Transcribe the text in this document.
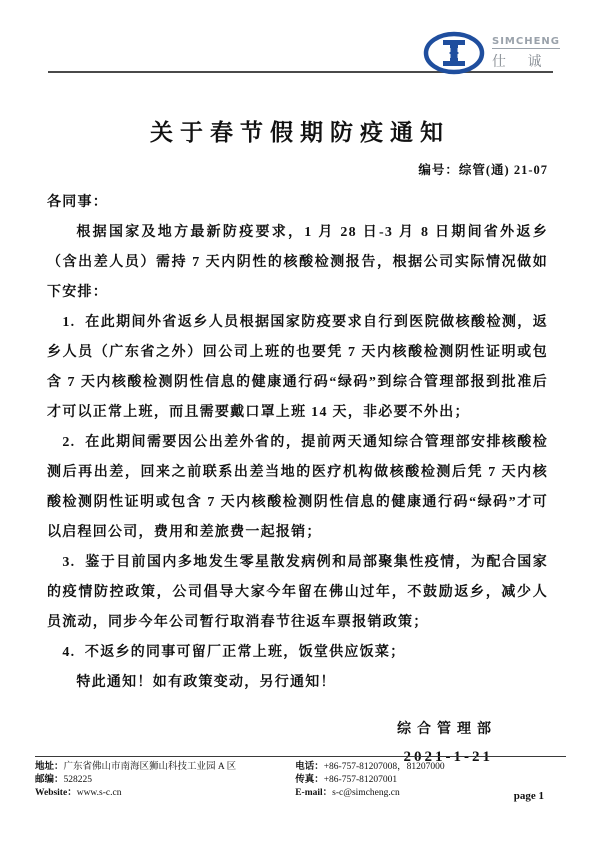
SIMCHENG
仕 诚
关于春节假期防疫通知
编号：综管(通) 21-07

各同事：

根据国家及地方最新防疫要求，1 月 28 日-3 月 8 日期间省外返乡（含出差人员）需持 7 天内阴性的核酸检测报告，根据公司实际情况做如下安排：

1.  在此期间外省返乡人员根据国家防疫要求自行到医院做核酸检测，返乡人员（广东省之外）回公司上班的也要凭 7 天内核酸检测阴性证明或包含 7 天内核酸检测阴性信息的健康通行码“绿码”到综合管理部报到批准后才可以正常上班，而且需要戴口罩上班 14 天，非必要不外出；

2.  在此期间需要因公出差外省的，提前两天通知综合管理部安排核酸检测后再出差，回来之前联系出差当地的医疗机构做核酸检测后凭 7 天内核酸检测阴性证明或包含 7 天内核酸检测阴性信息的健康通行码“绿码”才可以启程回公司，费用和差旅费一起报销；

3.  鉴于目前国内多地发生零星散发病例和局部聚集性疫情，为配合国家的疫情防控政策，公司倡导大家今年留在佛山过年，不鼓励返乡，减少人员流动，同步今年公司暂行取消春节往返车票报销政策；

4.  不返乡的同事可留厂正常上班，饭堂供应饭菜；

特此通知！如有政策变动，另行通知！

综合管理部
2021-1-21
地址：广东省佛山市南海区狮山科技工业园 A 区
邮编：528225
Website：www.s-c.cn
电话：+86-757-81207008，81207000
传真：+86-757-81207001
E-mail：s-c@simcheng.cn	page 1
